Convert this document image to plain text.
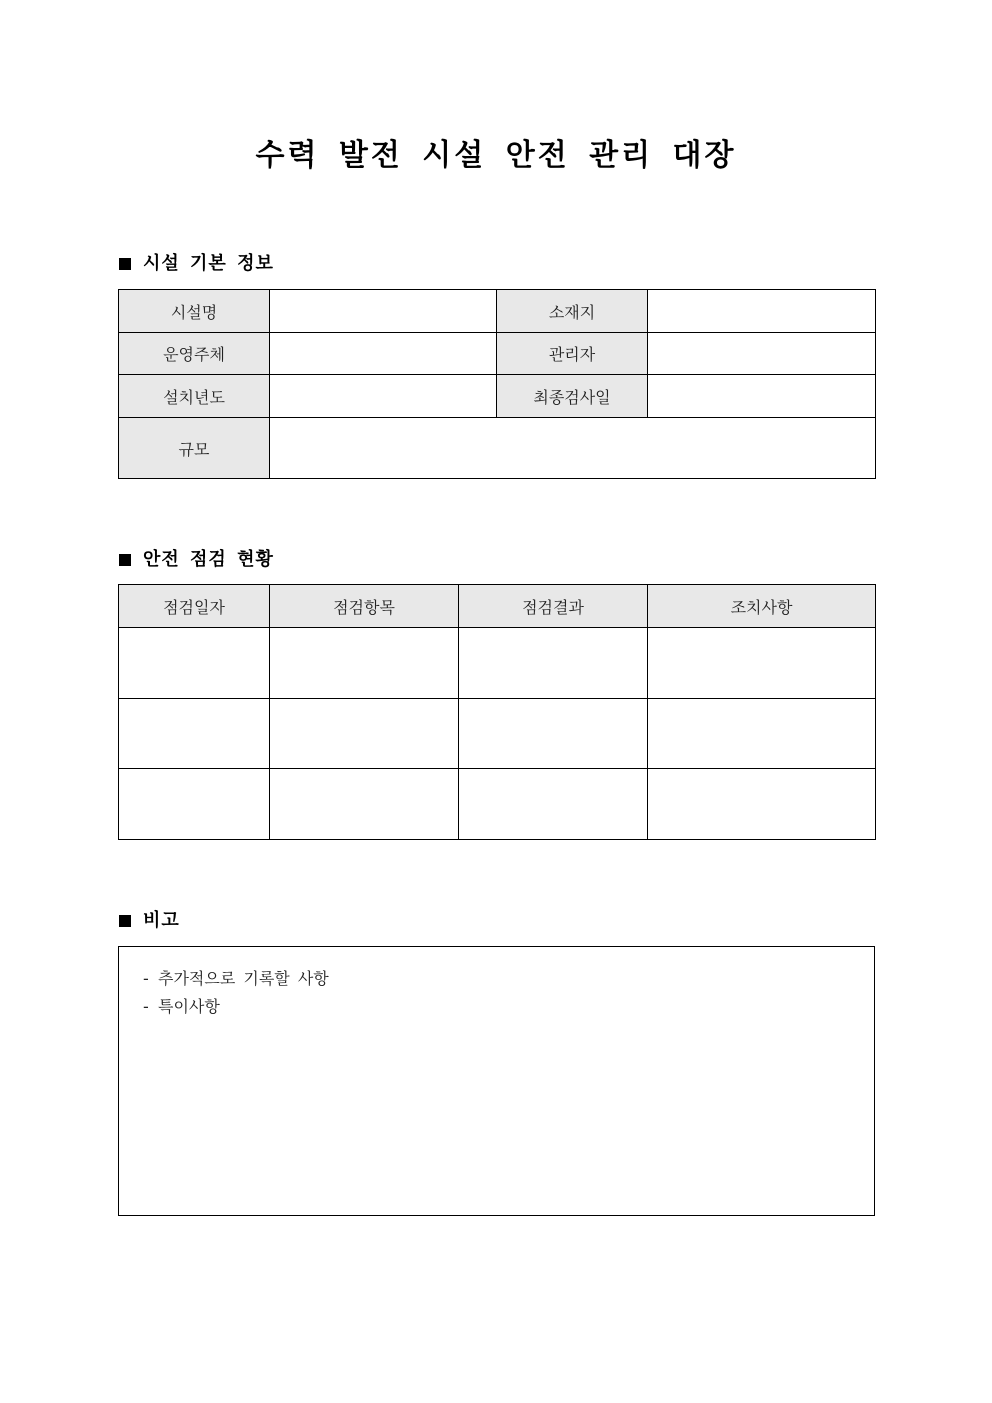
수력 발전 시설 안전 관리 대장
시설 기본 정보
시설명		소재지	
운영주체		관리자	
설치년도		최종검사일	
규모			
안전 점검 현황
점검일자	점검항목	점검결과	조치사항

비고
- 추가적으로 기록할 사항
- 특이사항
